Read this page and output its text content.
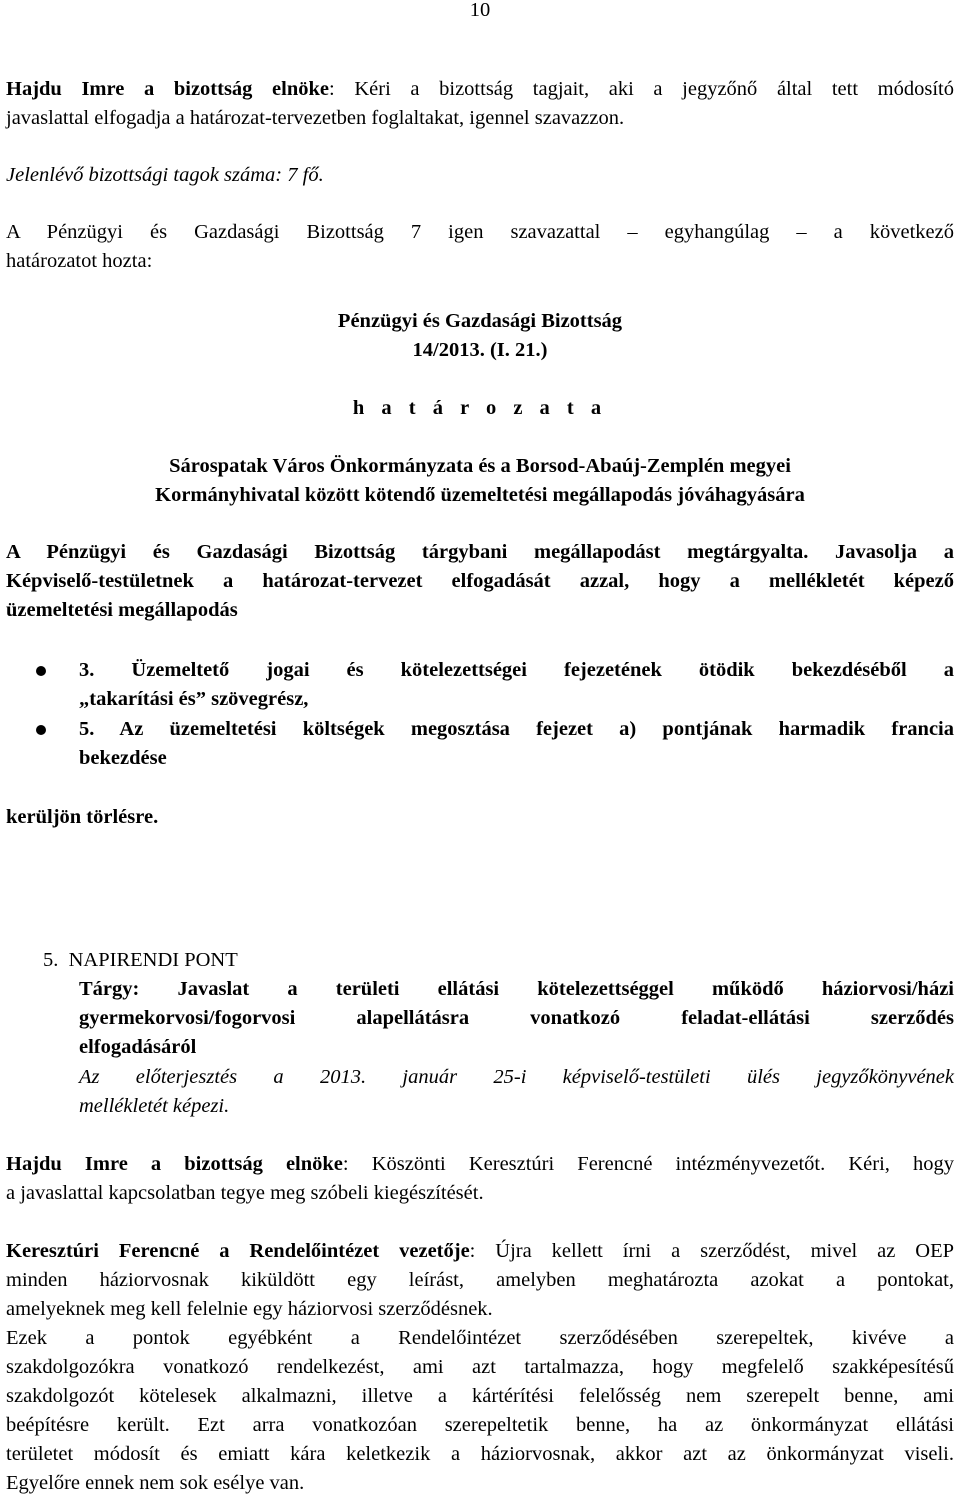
10
Hajdu Imre a bizottság elnöke: Kéri a bizottság tagjait, aki a jegyzőnő által tett módosító
javaslattal elfogadja a határozat-tervezetben foglaltakat, igennel szavazzon.
Jelenlévő bizottsági tagok száma: 7 fő.
A Pénzügyi és Gazdasági Bizottság 7 igen szavazattal – egyhangúlag – a következő
határozatot hozta:
Pénzügyi és Gazdasági Bizottság
14/2013. (I. 21.)
h a t á r o z a t a
Sárospatak Város Önkormányzata és a Borsod-Abaúj-Zemplén megyei
Kormányhivatal között kötendő üzemeltetési megállapodás jóváhagyására
A Pénzügyi és Gazdasági Bizottság tárgybani megállapodást megtárgyalta. Javasolja a
Képviselő-testületnek a határozat-tervezet elfogadását azzal, hogy a mellékletét képező
üzemeltetési megállapodás
3. Üzemeltető jogai és kötelezettségei fejezetének ötödik bekezdéséből a
„takarítási és” szövegrész,
5. Az üzemeltetési költségek megosztása fejezet a) pontjának harmadik francia
bekezdése
kerüljön törlésre.
5. NAPIRENDI PONT
Tárgy: Javaslat a területi ellátási kötelezettséggel működő háziorvosi/házi
gyermekorvosi/fogorvosi alapellátásra vonatkozó feladat-ellátási szerződés
elfogadásáról
Az előterjesztés a 2013. január 25-i képviselő-testületi ülés jegyzőkönyvének
mellékletét képezi.
Hajdu Imre a bizottság elnöke: Köszönti Keresztúri Ferencné intézményvezetőt. Kéri, hogy
a javaslattal kapcsolatban tegye meg szóbeli kiegészítését.
Keresztúri Ferencné a Rendelőintézet vezetője: Újra kellett írni a szerződést, mivel az OEP
minden háziorvosnak kiküldött egy leírást, amelyben meghatározta azokat a pontokat,
amelyeknek meg kell felelnie egy háziorvosi szerződésnek.
Ezek a pontok egyébként a Rendelőintézet szerződésében szerepeltek, kivéve a
szakdolgozókra vonatkozó rendelkezést, ami azt tartalmazza, hogy megfelelő szakképesítésű
szakdolgozót kötelesek alkalmazni, illetve a kártérítési felelősség nem szerepelt benne, ami
beépítésre került. Ezt arra vonatkozóan szerepeltetik benne, ha az önkormányzat ellátási
területet módosít és emiatt kára keletkezik a háziorvosnak, akkor azt az önkormányzat viseli.
Egyelőre ennek nem sok esélye van.
